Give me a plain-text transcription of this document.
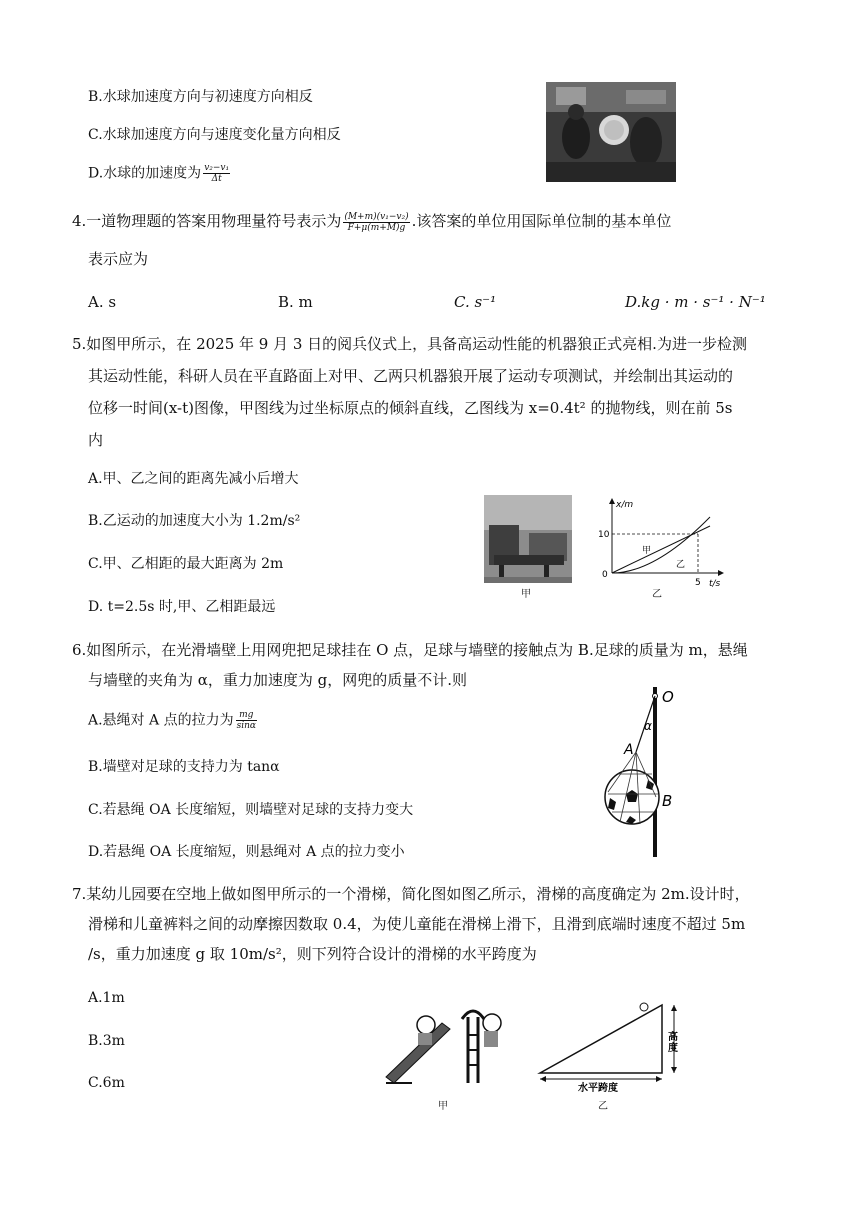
B.水球加速度方向与初速度方向相反
C.水球加速度方向与速度变化量方向相反
D.水球的加速度为 $\frac{\text{v₂−v₁}}{\Delta t}$
4.一道物理题的答案用物理量符号表示为 $\frac{\text{(M+m)(v₁−v₂)}}{F+\mu(m+M)g}$ .该答案的单位用国际单位制的基本单位
表示应为
A. s	B. m	C. s⁻¹	D.kg · m · s⁻¹ · N⁻¹
5.如图甲所示，在 2025 年 9 月 3 日的阅兵仪式上，具备高运动性能的机器狼正式亮相.为进一步检测
其运动性能，科研人员在平直路面上对甲、乙两只机器狼开展了运动专项测试，并绘制出其运动的
位移一时间(x-t)图像，甲图线为过坐标原点的倾斜直线，乙图线为 x=0.4t² 的抛物线，则在前 5s
内
A.甲、乙之间的距离先减小后增大
B.乙运动的加速度大小为 1.2m/s²
C.甲、乙相距的最大距离为 2m
D. t=2.5s 时,甲、乙相距最远
甲
x/m
t/s
10
5
0
甲
乙
乙
6.如图所示，在光滑墙壁上用网兜把足球挂在 O 点，足球与墙壁的接触点为 B.足球的质量为 m，悬绳
与墙壁的夹角为 α，重力加速度为 g，网兜的质量不计.则
A.悬绳对 A 点的拉力为 $\frac{mg}{\sin\alpha}$
B.墙壁对足球的支持力为 tanα
C.若悬绳 OA 长度缩短，则墙壁对足球的支持力变大
D.若悬绳 OA 长度缩短，则悬绳对 A 点的拉力变小
O
α
A
B
7.某幼儿园要在空地上做如图甲所示的一个滑梯，简化图如图乙所示，滑梯的高度确定为 2m.设计时，
滑梯和儿童裤料之间的动摩擦因数取 0.4，为使儿童能在滑梯上滑下，且滑到底端时速度不超过 5m
/s，重力加速度 g 取 10m/s²，则下列符合设计的滑梯的水平跨度为
A.1m
B.3m
C.6m
甲
高
度
水平跨度
乙
